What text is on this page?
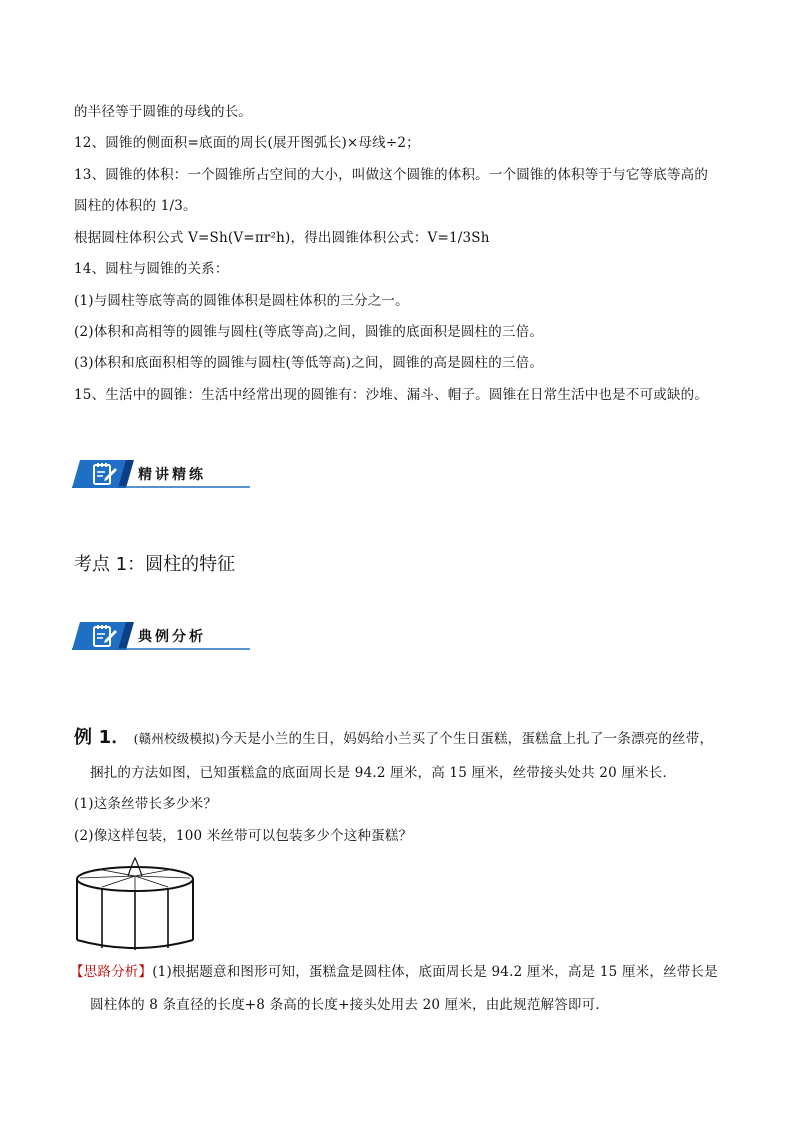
的半径等于圆锥的母线的长。
12、圆锥的侧面积=底面的周长(展开图弧长)×母线÷2；
13、圆锥的体积：一个圆锥所占空间的大小，叫做这个圆锥的体积。一个圆锥的体积等于与它等底等高的
圆柱的体积的 1/3。
根据圆柱体积公式 V=Sh(V=πr²h)，得出圆锥体积公式：V=1/3Sh
14、圆柱与圆锥的关系：
(1)与圆柱等底等高的圆锥体积是圆柱体积的三分之一。
(2)体积和高相等的圆锥与圆柱(等底等高)之间，圆锥的底面积是圆柱的三倍。
(3)体积和底面积相等的圆锥与圆柱(等低等高)之间，圆锥的高是圆柱的三倍。
15、生活中的圆锥：生活中经常出现的圆锥有：沙堆、漏斗、帽子。圆锥在日常生活中也是不可或缺的。
精讲精练
考点 1：圆柱的特征
典例分析
例 1． (赣州校级模拟)今天是小兰的生日，妈妈给小兰买了个生日蛋糕，蛋糕盒上扎了一条漂亮的丝带，
捆扎的方法如图，已知蛋糕盒的底面周长是 94.2 厘米，高 15 厘米，丝带接头处共 20 厘米长．
(1)这条丝带长多少米？
(2)像这样包装，100 米丝带可以包装多少个这种蛋糕？
【思路分析】(1)根据题意和图形可知，蛋糕盒是圆柱体，底面周长是 94.2 厘米，高是 15 厘米，丝带长是
圆柱体的 8 条直径的长度+8 条高的长度+接头处用去 20 厘米，由此规范解答即可．
